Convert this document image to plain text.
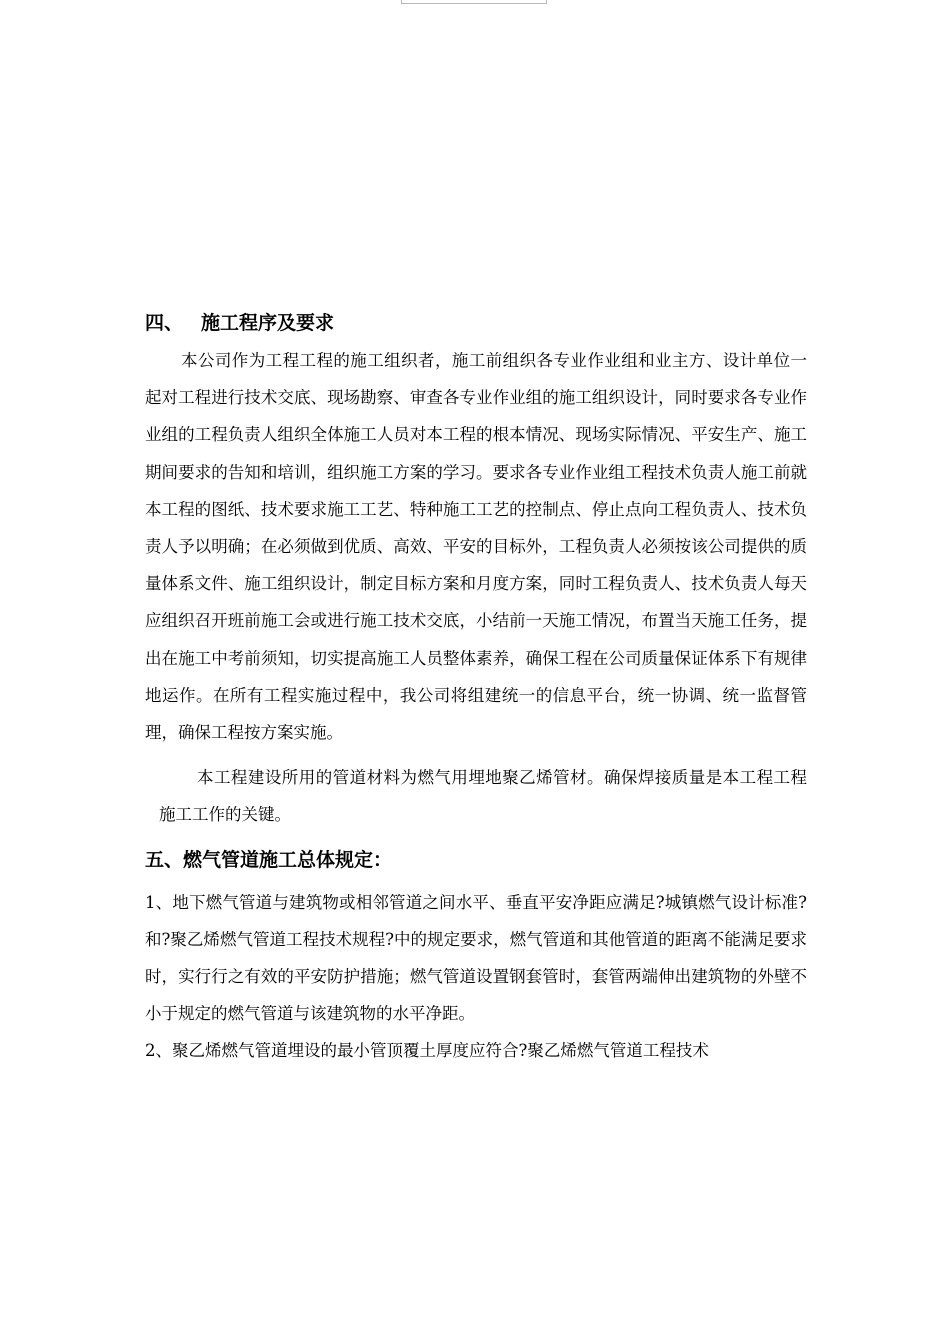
四、 施工程序及要求

本公司作为工程工程的施工组织者，施工前组织各专业作业组和业主方、设计单位一起对工程进行技术交底、现场勘察、审查各专业作业组的施工组织设计，同时要求各专业作业组的工程负责人组织全体施工人员对本工程的根本情况、现场实际情况、平安生产、施工期间要求的告知和培训，组织施工方案的学习。要求各专业作业组工程技术负责人施工前就本工程的图纸、技术要求施工工艺、特种施工工艺的控制点、停止点向工程负责人、技术负责人予以明确；在必须做到优质、高效、平安的目标外，工程负责人必须按该公司提供的质量体系文件、施工组织设计，制定目标方案和月度方案，同时工程负责人、技术负责人每天应组织召开班前施工会或进行施工技术交底，小结前一天施工情况，布置当天施工任务，提出在施工中考前须知，切实提高施工人员整体素养，确保工程在公司质量保证体系下有规律地运作。在所有工程实施过程中，我公司将组建统一的信息平台，统一协调、统一监督管理，确保工程按方案实施。

本工程建设所用的管道材料为燃气用埋地聚乙烯管材。确保焊接质量是本工程工程施工工作的关键。

五、燃气管道施工总体规定：

1、地下燃气管道与建筑物或相邻管道之间水平、垂直平安净距应满足?城镇燃气设计标准?和?聚乙烯燃气管道工程技术规程?中的规定要求，燃气管道和其他管道的距离不能满足要求时，实行行之有效的平安防护措施；燃气管道设置钢套管时，套管两端伸出建筑物的外壁不小于规定的燃气管道与该建筑物的水平净距。

2、聚乙烯燃气管道埋设的最小管顶覆土厚度应符合?聚乙烯燃气管道工程技术
